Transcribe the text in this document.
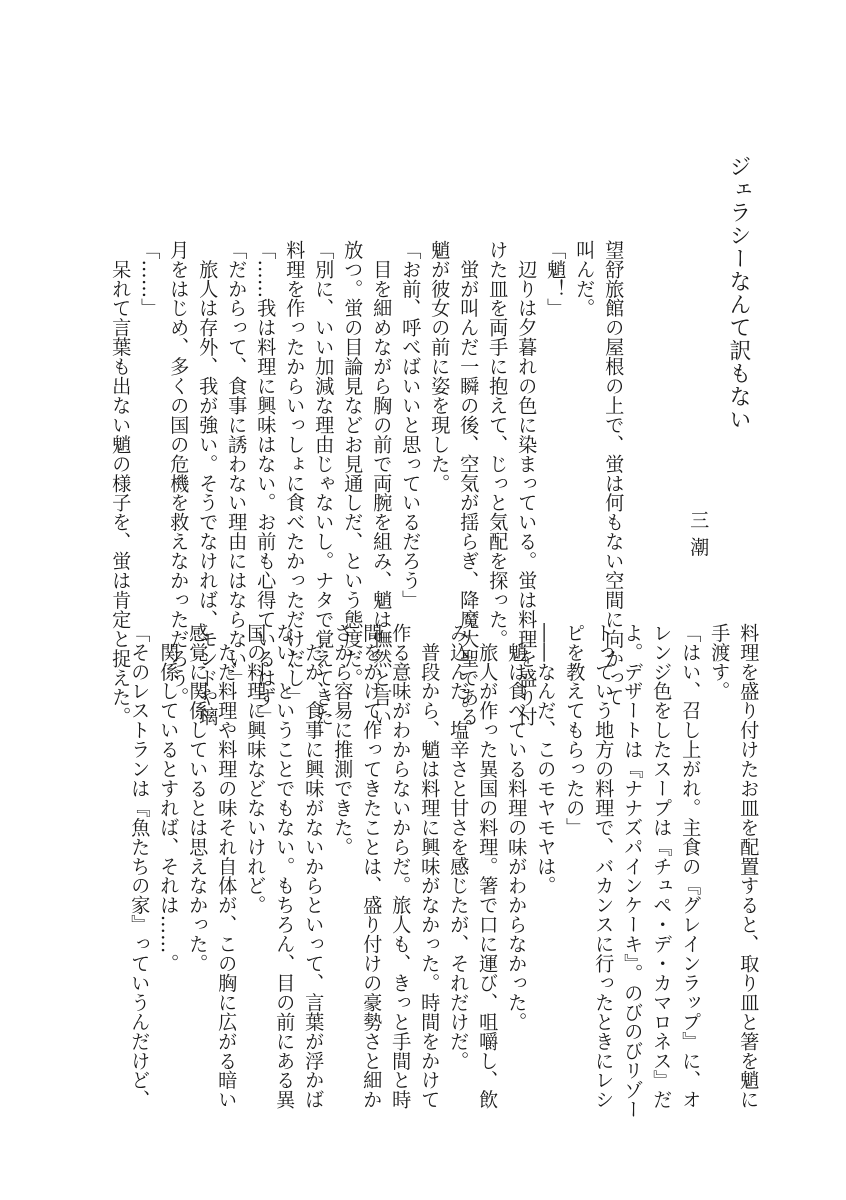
ジェラシーなんて訳もない
三潮
望舒旅館の屋根の上で、蛍は何もない空間に向かって
叫んだ。
「魈！」
　辺りは夕暮れの色に染まっている。蛍は料理を盛り付
けた皿を両手に抱えて、じっと気配を探った。
　蛍が叫んだ一瞬の後、空気が揺らぎ、降魔大聖である
魈が彼女の前に姿を現した。
「お前、呼べばいいと思っているだろう」
　目を細めながら胸の前で両腕を組み、魈は憮然と言い
放つ。蛍の目論見などお見通しだ、という態度だ。
「別に、いい加減な理由じゃないし。ナタで覚えてきた
料理を作ったからいっしょに食べたかっただけだし」
「……我は料理に興味はない。お前も心得ているはず」
「だからって、食事に誘わない理由にはならない」
　旅人は存外、我が強い。そうでなければ、モンドや璃
月をはじめ、多くの国の危機を救えなかっただろう。
「……」
　呆れて言葉も出ない魈の様子を、蛍は肯定と捉えた。
料理を盛り付けたお皿を配置すると、取り皿と箸を魈に
手渡す。
「はい、召し上がれ。主食の『グレインラップ』に、オ
レンジ色をしたスープは『チュペ・デ・カマロネス』だ
よ。デザートは『ナナズパインケーキ』。のびのびリゾー
トっていう地方の料理で、バカンスに行ったときにレシ
ピを教えてもらったの」
――なんだ、このモヤモヤは。
　魈は食べている料理の味がわからなかった。
　旅人が作った異国の料理。箸で口に運び、咀嚼し、飲
み込んだ。塩辛さと甘さを感じたが、それだけだ。
　普段から、魈は料理に興味がなかった。時間をかけて
作る意味がわからないからだ。旅人も、きっと手間と時
間をかけて作ってきたことは、盛り付けの豪勢さと細か
さから容易に推測できた。
　だが、食事に興味がないからといって、言葉が浮かば
ない、ということでもない。もちろん、目の前にある異
国の料理に興味などないけれど。
　ただ料理や料理の味それ自体が、この胸に広がる暗い
感覚に関係しているとは思えなかった。
　関係しているとすれば、それは……。
「そのレストランは『魚たちの家』っていうんだけど、
